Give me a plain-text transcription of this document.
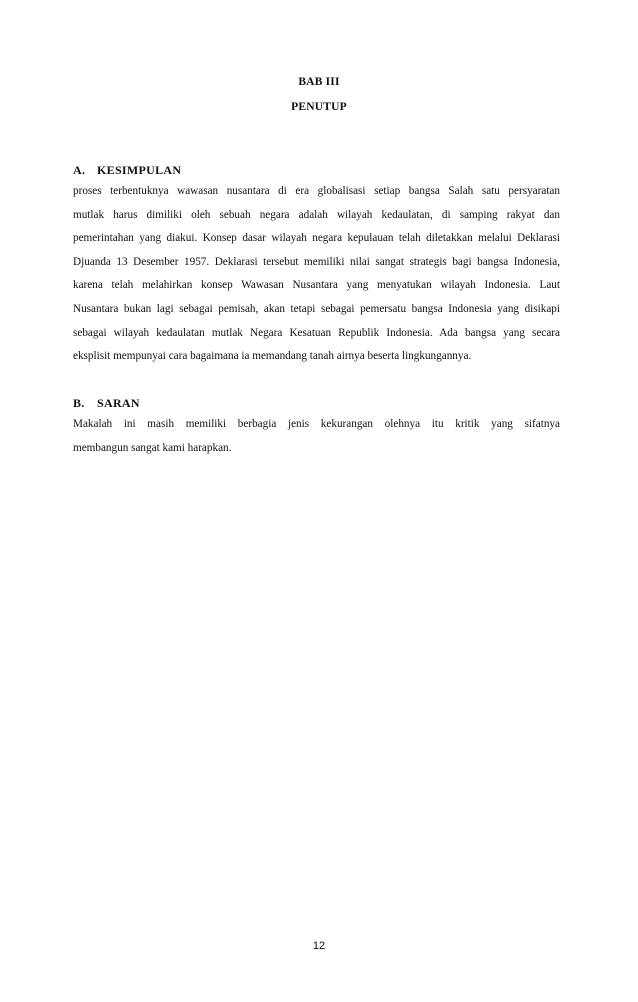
BAB III
PENUTUP
A. KESIMPULAN
proses terbentuknya wawasan nusantara di era globalisasi setiap bangsa Salah satu persyaratan
mutlak harus dimiliki oleh sebuah negara adalah wilayah kedaulatan, di samping rakyat dan
pemerintahan yang diakui. Konsep dasar wilayah negara kepulauan telah diletakkan melalui Deklarasi
Djuanda 13 Desember 1957. Deklarasi tersebut memiliki nilai sangat strategis bagi bangsa Indonesia,
karena telah melahirkan konsep Wawasan Nusantara yang menyatukan wilayah Indonesia. Laut
Nusantara bukan lagi sebagai pemisah, akan tetapi sebagai pemersatu bangsa Indonesia yang disikapi
sebagai wilayah kedaulatan mutlak Negara Kesatuan Republik Indonesia. Ada bangsa yang secara
eksplisit mempunyai cara bagaimana ia memandang tanah airnya beserta lingkungannya.
B. SARAN
Makalah ini masih memiliki berbagia jenis kekurangan olehnya itu kritik yang sifatnya
membangun sangat kami harapkan.
12
